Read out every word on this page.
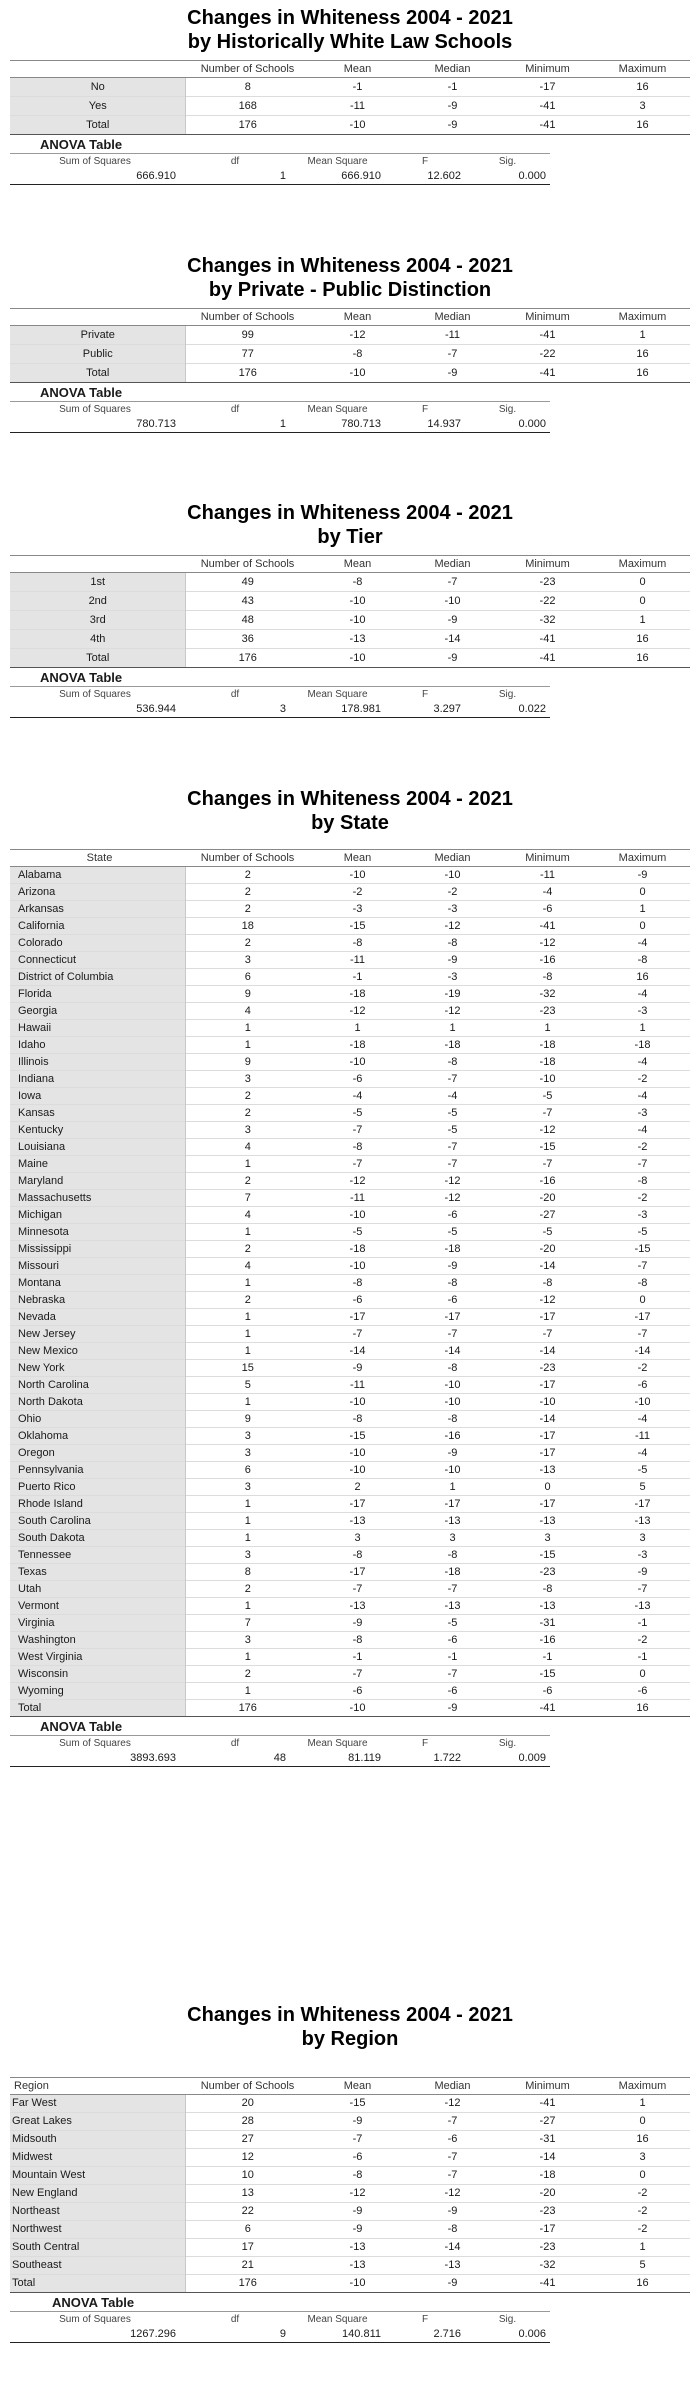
Changes in Whiteness 2004 - 2021
by Historically White Law Schools
	Number of Schools	Mean	Median	Minimum	Maximum
No	8	-1	-1	-17	16
Yes	168	-11	-9	-41	3
Total	176	-10	-9	-41	16
ANOVA Table
Sum of Squares	df	Mean Square	F	Sig.
666.910	1	666.910	12.602	0.000
Changes in Whiteness 2004 - 2021
by Private - Public Distinction
	Number of Schools	Mean	Median	Minimum	Maximum
Private	99	-12	-11	-41	1
Public	77	-8	-7	-22	16
Total	176	-10	-9	-41	16
ANOVA Table
Sum of Squares	df	Mean Square	F	Sig.
780.713	1	780.713	14.937	0.000
Changes in Whiteness 2004 - 2021
by Tier
	Number of Schools	Mean	Median	Minimum	Maximum
1st	49	-8	-7	-23	0
2nd	43	-10	-10	-22	0
3rd	48	-10	-9	-32	1
4th	36	-13	-14	-41	16
Total	176	-10	-9	-41	16
ANOVA Table
Sum of Squares	df	Mean Square	F	Sig.
536.944	3	178.981	3.297	0.022
Changes in Whiteness 2004 - 2021
by State
State	Number of Schools	Mean	Median	Minimum	Maximum
Alabama	2	-10	-10	-11	-9
Arizona	2	-2	-2	-4	0
Arkansas	2	-3	-3	-6	1
California	18	-15	-12	-41	0
Colorado	2	-8	-8	-12	-4
Connecticut	3	-11	-9	-16	-8
District of Columbia	6	-1	-3	-8	16
Florida	9	-18	-19	-32	-4
Georgia	4	-12	-12	-23	-3
Hawaii	1	1	1	1	1
Idaho	1	-18	-18	-18	-18
Illinois	9	-10	-8	-18	-4
Indiana	3	-6	-7	-10	-2
Iowa	2	-4	-4	-5	-4
Kansas	2	-5	-5	-7	-3
Kentucky	3	-7	-5	-12	-4
Louisiana	4	-8	-7	-15	-2
Maine	1	-7	-7	-7	-7
Maryland	2	-12	-12	-16	-8
Massachusetts	7	-11	-12	-20	-2
Michigan	4	-10	-6	-27	-3
Minnesota	1	-5	-5	-5	-5
Mississippi	2	-18	-18	-20	-15
Missouri	4	-10	-9	-14	-7
Montana	1	-8	-8	-8	-8
Nebraska	2	-6	-6	-12	0
Nevada	1	-17	-17	-17	-17
New Jersey	1	-7	-7	-7	-7
New Mexico	1	-14	-14	-14	-14
New York	15	-9	-8	-23	-2
North Carolina	5	-11	-10	-17	-6
North Dakota	1	-10	-10	-10	-10
Ohio	9	-8	-8	-14	-4
Oklahoma	3	-15	-16	-17	-11
Oregon	3	-10	-9	-17	-4
Pennsylvania	6	-10	-10	-13	-5
Puerto Rico	3	2	1	0	5
Rhode Island	1	-17	-17	-17	-17
South Carolina	1	-13	-13	-13	-13
South Dakota	1	3	3	3	3
Tennessee	3	-8	-8	-15	-3
Texas	8	-17	-18	-23	-9
Utah	2	-7	-7	-8	-7
Vermont	1	-13	-13	-13	-13
Virginia	7	-9	-5	-31	-1
Washington	3	-8	-6	-16	-2
West Virginia	1	-1	-1	-1	-1
Wisconsin	2	-7	-7	-15	0
Wyoming	1	-6	-6	-6	-6
Total	176	-10	-9	-41	16
ANOVA Table
Sum of Squares	df	Mean Square	F	Sig.
3893.693	48	81.119	1.722	0.009
Changes in Whiteness 2004 - 2021
by Region
Region	Number of Schools	Mean	Median	Minimum	Maximum
Far West	20	-15	-12	-41	1
Great Lakes	28	-9	-7	-27	0
Midsouth	27	-7	-6	-31	16
Midwest	12	-6	-7	-14	3
Mountain West	10	-8	-7	-18	0
New England	13	-12	-12	-20	-2
Northeast	22	-9	-9	-23	-2
Northwest	6	-9	-8	-17	-2
South Central	17	-13	-14	-23	1
Southeast	21	-13	-13	-32	5
Total	176	-10	-9	-41	16
ANOVA Table
Sum of Squares	df	Mean Square	F	Sig.
1267.296	9	140.811	2.716	0.006
